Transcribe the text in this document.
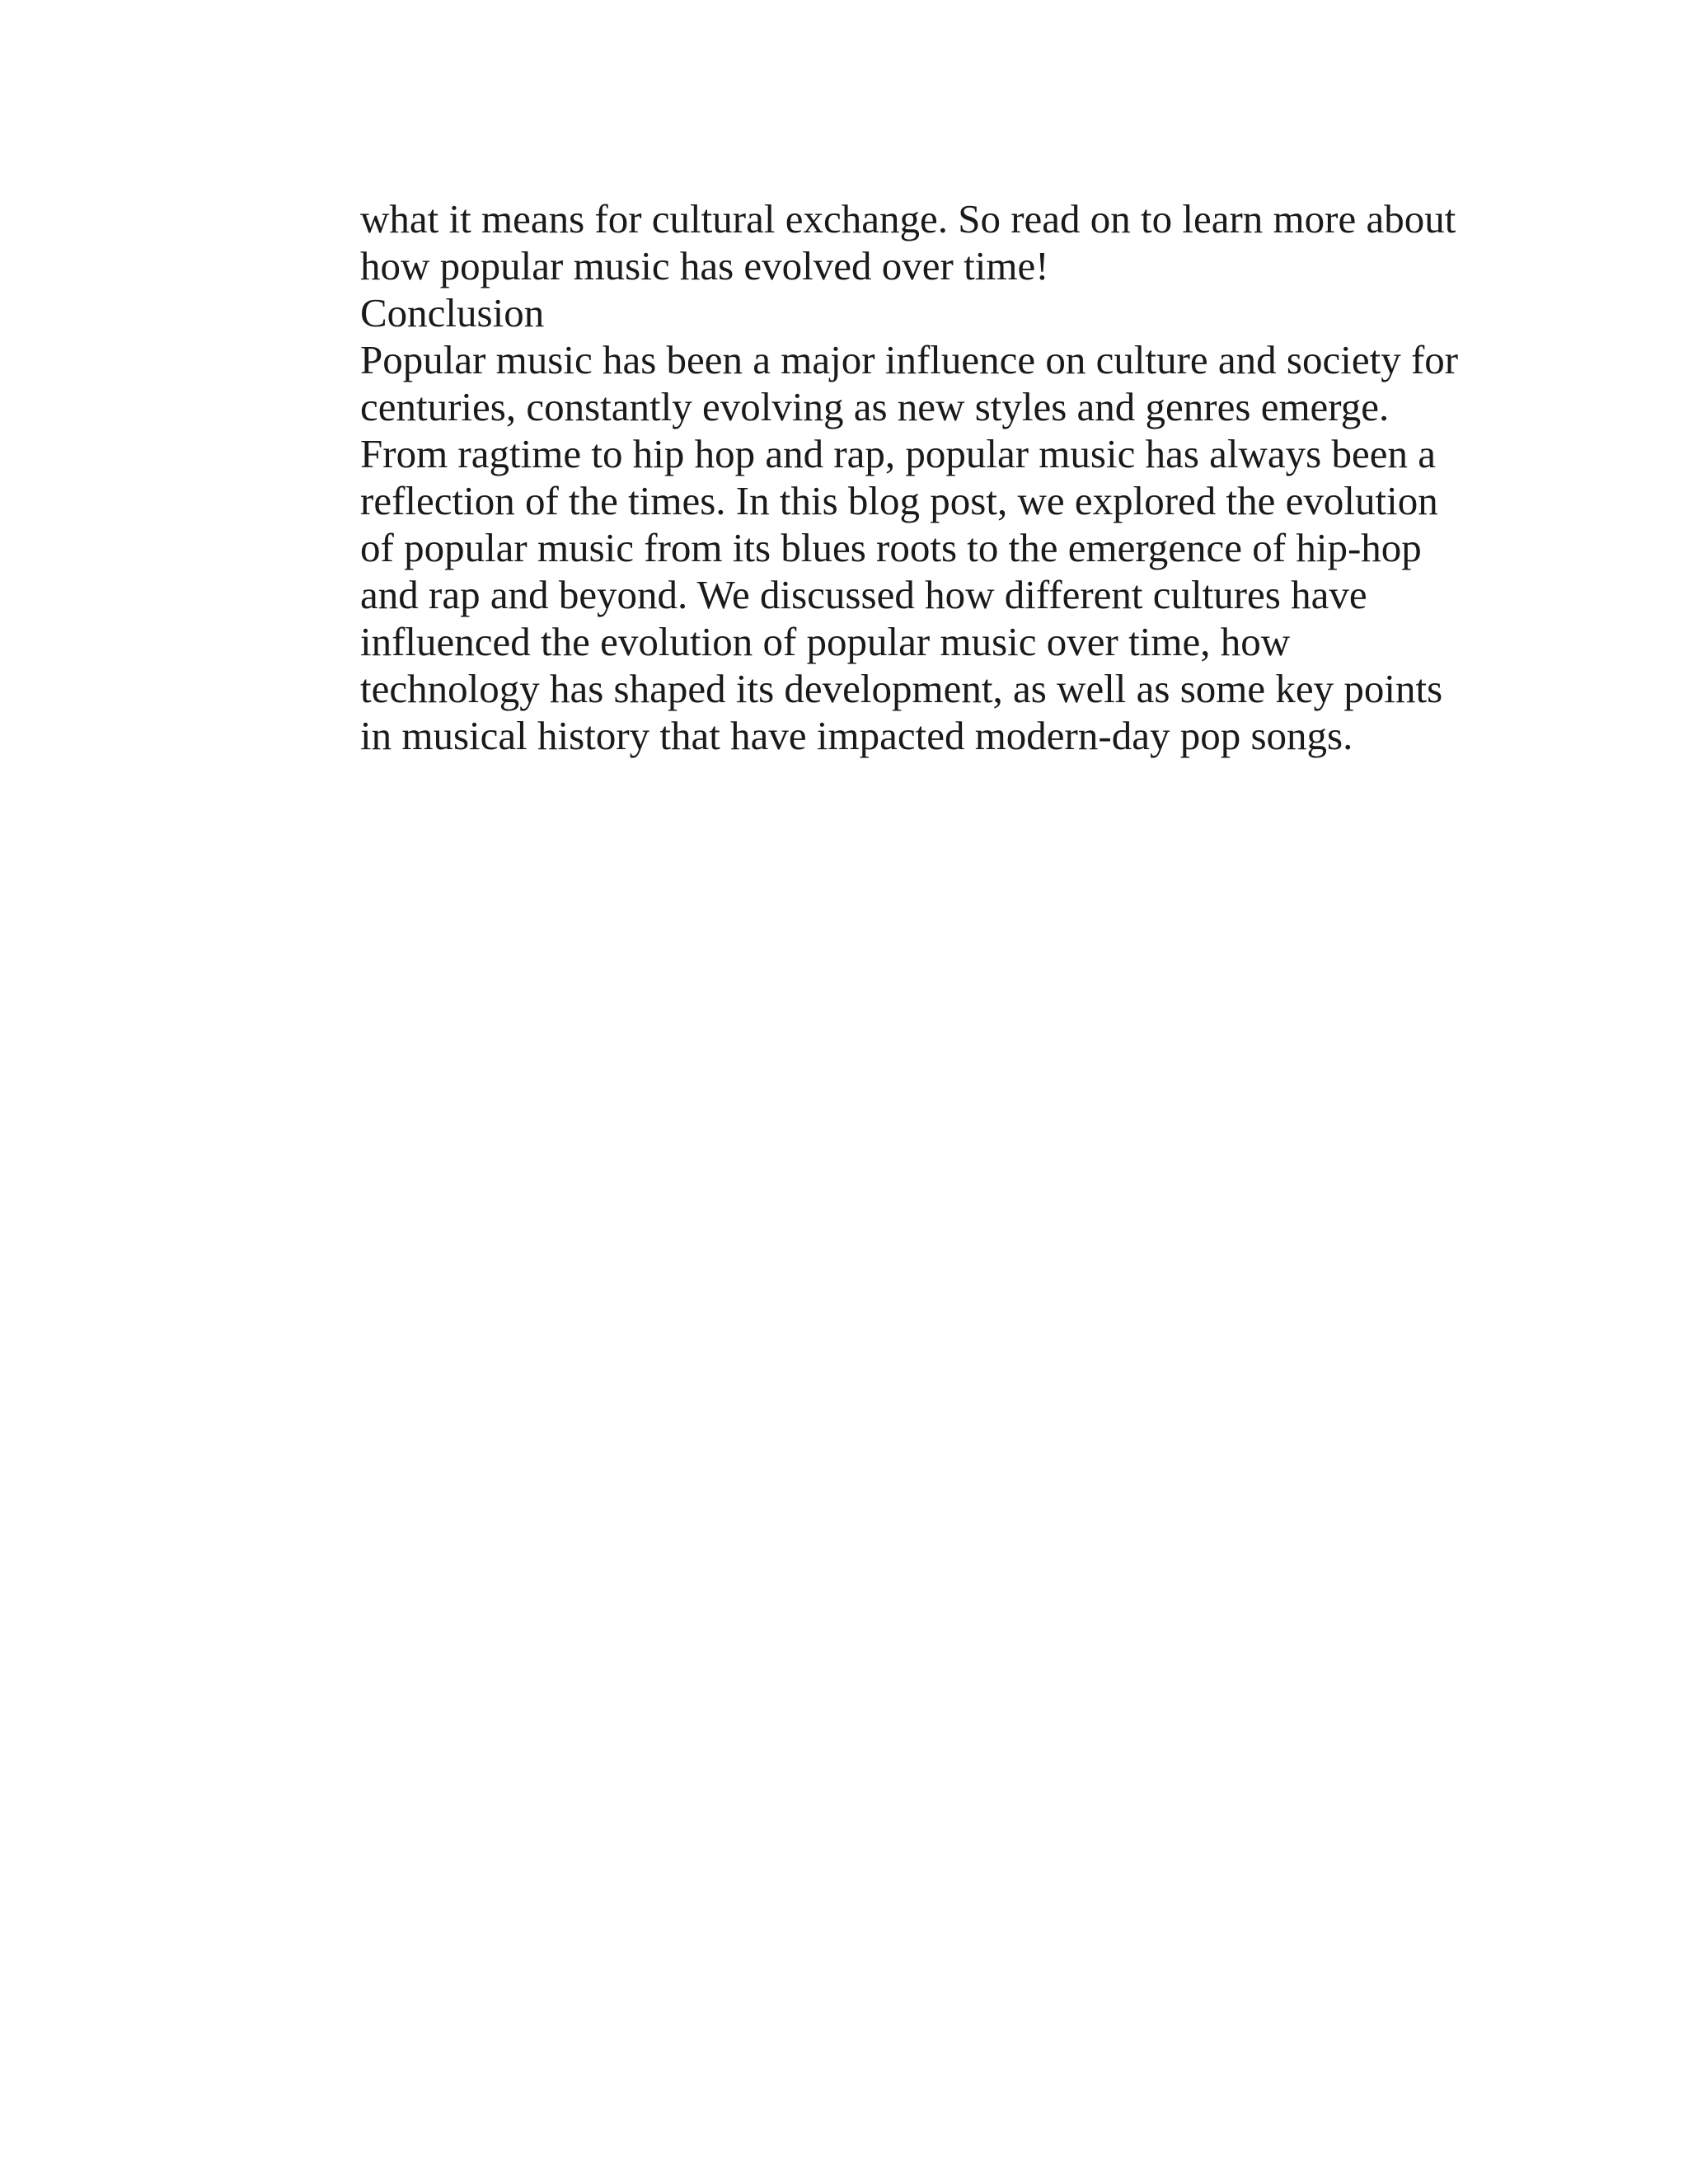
what it means for cultural exchange. So read on to learn more about
how popular music has evolved over time!

Conclusion

Popular music has been a major influence on culture and society for
centuries, constantly evolving as new styles and genres emerge.
From ragtime to hip hop and rap, popular music has always been a
reflection of the times. In this blog post, we explored the evolution
of popular music from its blues roots to the emergence of hip-hop
and rap and beyond. We discussed how different cultures have
influenced the evolution of popular music over time, how
technology has shaped its development, as well as some key points
in musical history that have impacted modern-day pop songs.
